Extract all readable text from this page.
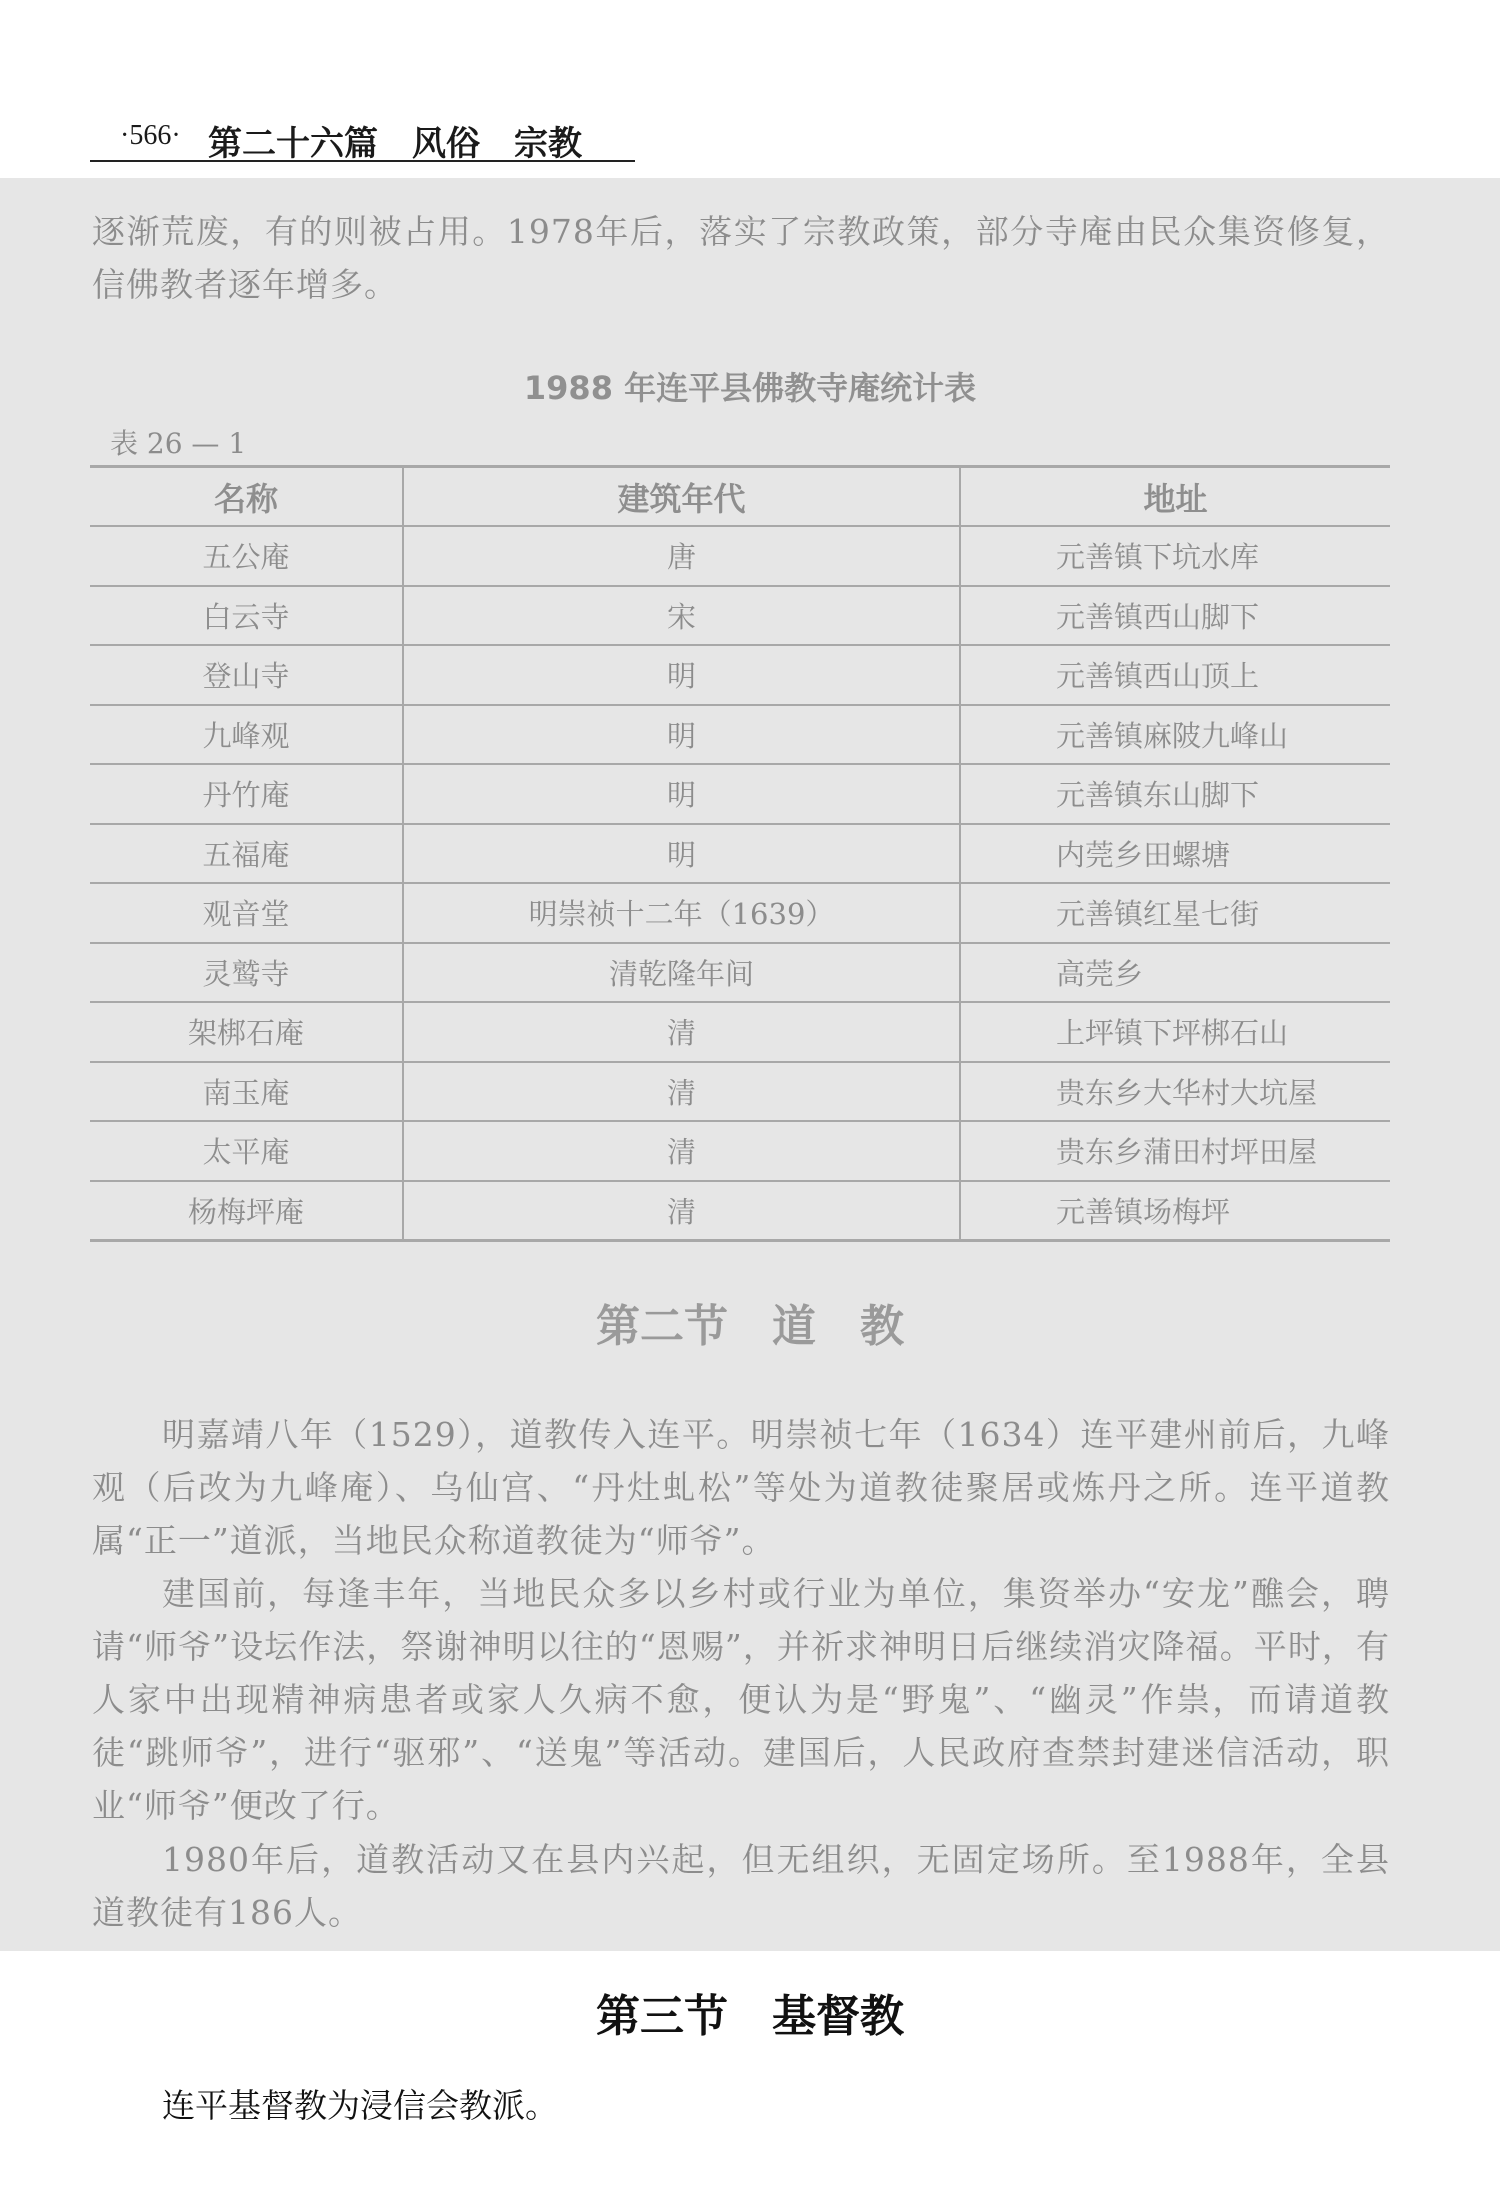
·566· 第二十六篇　风俗　宗教
逐渐荒废，有的则被占用。1978年后，落实了宗教政策，部分寺庵由民众集资修复，信佛教者逐年增多。
1988 年连平县佛教寺庵统计表
表 26 — 1
名称	建筑年代	地址
五公庵	唐	元善镇下坑水库
白云寺	宋	元善镇西山脚下
登山寺	明	元善镇西山顶上
九峰观	明	元善镇麻陂九峰山
丹竹庵	明	元善镇东山脚下
五福庵	明	内莞乡田螺塘
观音堂	明崇祯十二年（1639）	元善镇红星七街
灵鹫寺	清乾隆年间	高莞乡
架梆石庵	清	上坪镇下坪梆石山
南玉庵	清	贵东乡大华村大坑屋
太平庵	清	贵东乡蒲田村坪田屋
杨梅坪庵	清	元善镇场梅坪
第二节　道　教
明嘉靖八年（1529），道教传入连平。明崇祯七年（1634）连平建州前后，九峰观（后改为九峰庵）、乌仙宫、“丹灶虬松”等处为道教徒聚居或炼丹之所。连平道教属“正一”道派，当地民众称道教徒为“师爷”。
建国前，每逢丰年，当地民众多以乡村或行业为单位，集资举办“安龙”醮会，聘请“师爷”设坛作法，祭谢神明以往的“恩赐”，并祈求神明日后继续消灾降福。平时，有人家中出现精神病患者或家人久病不愈，便认为是“野鬼”、“幽灵”作祟，而请道教徒“跳师爷”，进行“驱邪”、“送鬼”等活动。建国后，人民政府查禁封建迷信活动，职业“师爷”便改了行。
1980年后，道教活动又在县内兴起，但无组织，无固定场所。至1988年，全县道教徒有186人。
第三节　基督教
连平基督教为浸信会教派。
